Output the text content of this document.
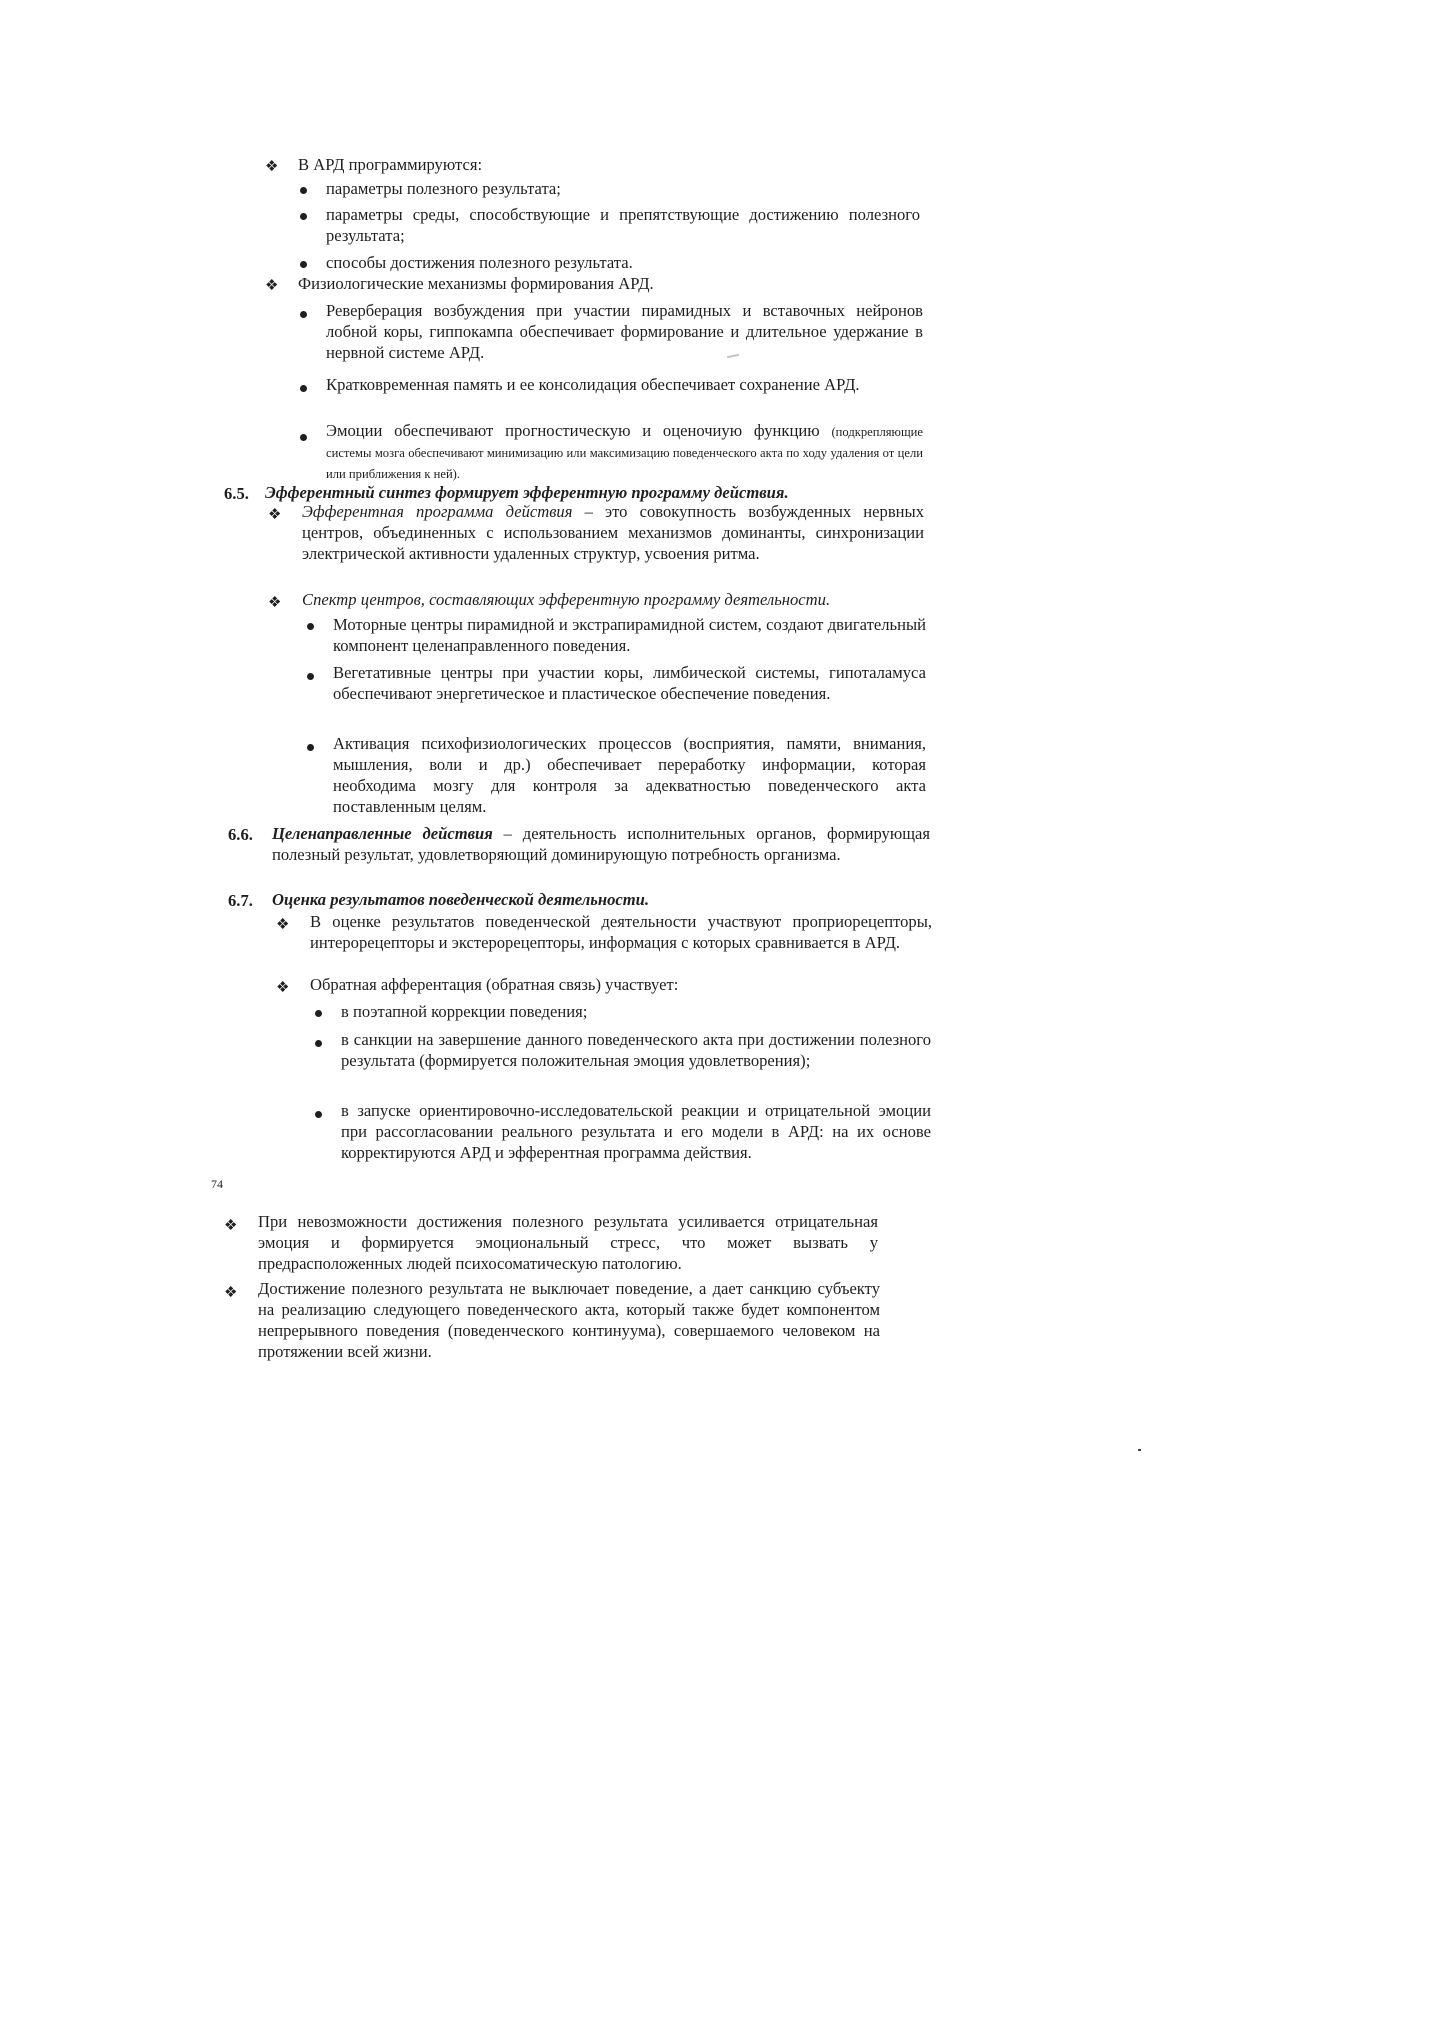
❖ В АРД программируются:
параметры полезного результата;
параметры среды, способствующие и препятствующие достижению полезного результата;
способы достижения полезного результата.
❖ Физиологические механизмы формирования АРД.
Реверберация возбуждения при участии пирамидных и вставочных нейронов лобной коры, гиппокампа обеспечивает формирование и длительное удержание в нервной системе АРД.
Кратковременная память и ее консолидация обеспечивает сохранение АРД.
Эмоции обеспечивают прогностическую и оценочиую функцию (подкрепляющие системы мозга обеспечивают минимизацию или максимизацию поведенческого акта по ходу удаления от цели или приближения к ней).
6.5. Эфферентный синтез формирует эфферентную программу действия.
❖ Эфферентная программа действия – это совокупность возбужденных нервных центров, объединенных с использованием механизмов доминанты, синхронизации электрической активности удаленных структур, усвоения ритма.
❖ Спектр центров, составляющих эфферентную программу деятельности.
Моторные центры пирамидной и экстрапирамидной систем, создают двигательный компонент целенаправленного поведения.
Вегетативные центры при участии коры, лимбической системы, гипоталамуса обеспечивают энергетическое и пластическое обеспечение поведения.
Активация психофизиологических процессов (восприятия, памяти, внимания, мышления, воли и др.) обеспечивает переработку информации, которая необходима мозгу для контроля за адекватностью поведенческого акта поставленным целям.
6.6. Целенаправленные действия – деятельность исполнительных органов, формирующая полезный результат, удовлетворяющий доминирующую потребность организма.
6.7. Оценка результатов поведенческой деятельности.
❖ В оценке результатов поведенческой деятельности участвуют проприорецепторы, интерорецепторы и экстерорецепторы, информация с которых сравнивается в АРД.
❖ Обратная афферентация (обратная связь) участвует:
в поэтапной коррекции поведения;
в санкции на завершение данного поведенческого акта при достижении полезного результата (формируется положительная эмоция удовлетворения);
в запуске ориентировочно-исследовательской реакции и отрицательной эмоции при рассогласовании реального результата и его модели в АРД: на их основе корректируются АРД и эфферентная программа действия.
74
❖ При невозможности достижения полезного результата усиливается отрицательная эмоция и формируется эмоциональный стресс, что может вызвать у предрасположенных людей психосоматическую патологию.
❖ Достижение полезного результата не выключает поведение, а дает санкцию субъекту на реализацию следующего поведенческого акта, который также будет компонентом непрерывного поведения (поведенческого континуума), совершаемого человеком на протяжении всей жизни.
